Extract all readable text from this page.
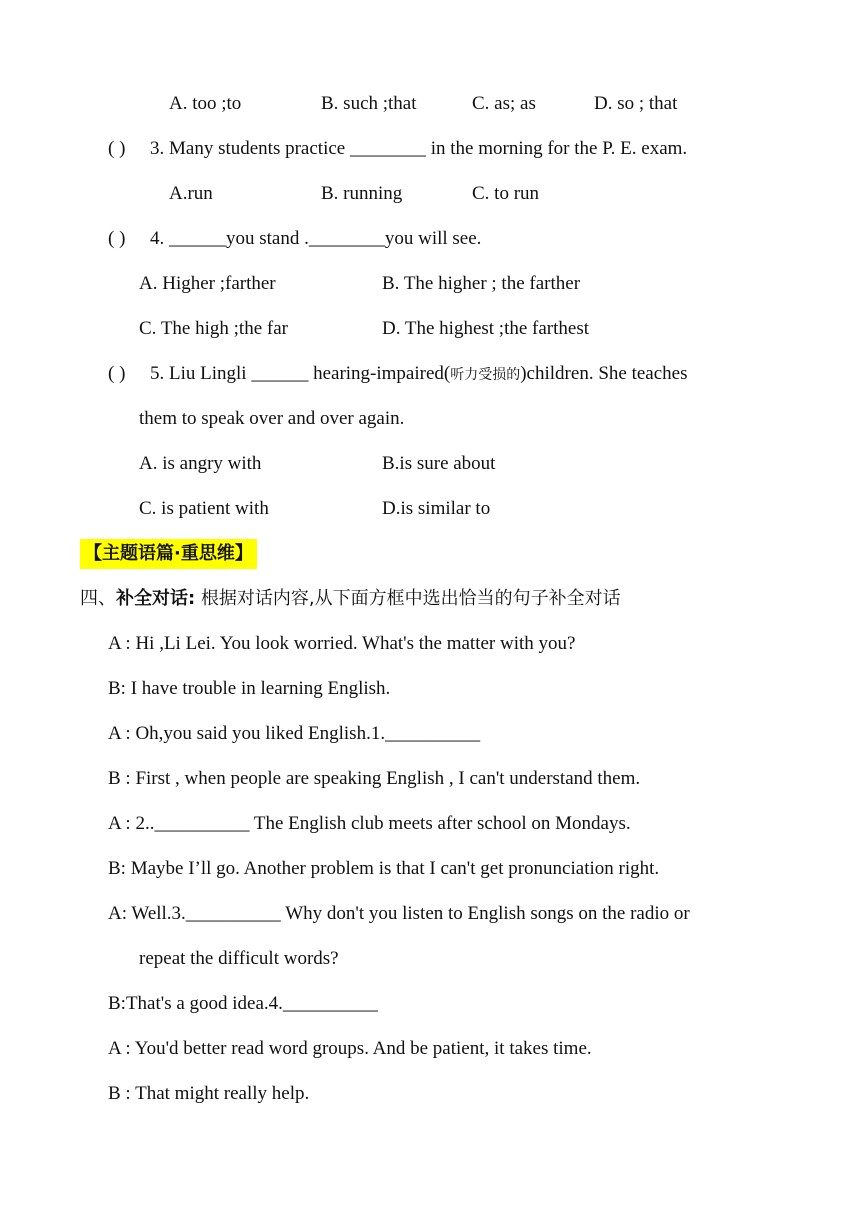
A. too ;to	B. such ;that	C. as; as	D. so ; that
( ) 3. Many students practice ________ in the morning for the P. E. exam.
A.run	B. running	C. to run
( ) 4. ______you stand .________you will see.
A. Higher ;farther	B. The higher ; the farther
C. The high ;the far	D. The highest ;the farthest
( ) 5. Liu Lingli ______ hearing-impaired(听力受损的)children. She teaches
them to speak over and over again.
A. is angry with	B.is sure about
C. is patient with	D.is similar to
【主题语篇·重思维】
四、补全对话: 根据对话内容,从下面方框中选出恰当的句子补全对话
A : Hi ,Li Lei. You look worried. What's the matter with you?
B: I have trouble in learning English.
A : Oh,you said you liked English.1.__________
B : First , when people are speaking English , I can't understand them.
A : 2..__________ The English club meets after school on Mondays.
B: Maybe I’ll go. Another problem is that I can't get pronunciation right.
A: Well.3.__________ Why don't you listen to English songs on the radio or
repeat the difficult words?
B:That's a good idea.4.__________
A : You'd better read word groups. And be patient, it takes time.
B : That might really help.
